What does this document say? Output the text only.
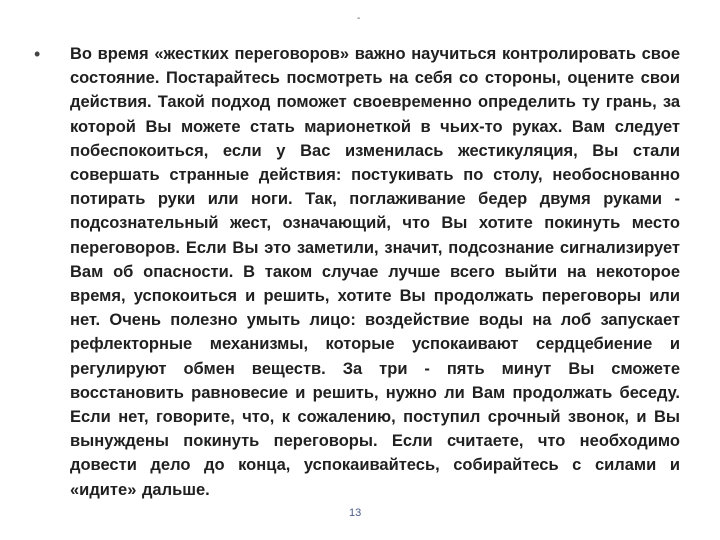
-
•	Во время «жестких переговоров» важно научиться контролировать свое состояние. Постарайтесь посмотреть на себя со стороны, оцените свои действия. Такой подход поможет своевременно определить ту грань, за которой Вы можете стать марионеткой в чьих-то руках. Вам следует побеспокоиться, если у Вас изменилась жестикуляция, Вы стали совершать странные действия: постукивать по столу, необоснованно потирать руки или ноги. Так, поглаживание бедер двумя руками - подсознательный жест, означающий, что Вы хотите покинуть место переговоров. Если Вы это заметили, значит, подсознание сигнализирует Вам об опасности. В таком случае лучше всего выйти на некоторое время, успокоиться и решить, хотите Вы продолжать переговоры или нет. Очень полезно умыть лицо: воздействие воды на лоб запускает рефлекторные механизмы, которые успокаивают сердцебиение и регулируют обмен веществ. За три - пять минут Вы сможете восстановить равновесие и решить, нужно ли Вам продолжать беседу. Если нет, говорите, что, к сожалению, поступил срочный звонок, и Вы вынуждены покинуть переговоры. Если считаете, что необходимо довести дело до конца, успокаивайтесь, собирайтесь с силами и «идите» дальше.
13
